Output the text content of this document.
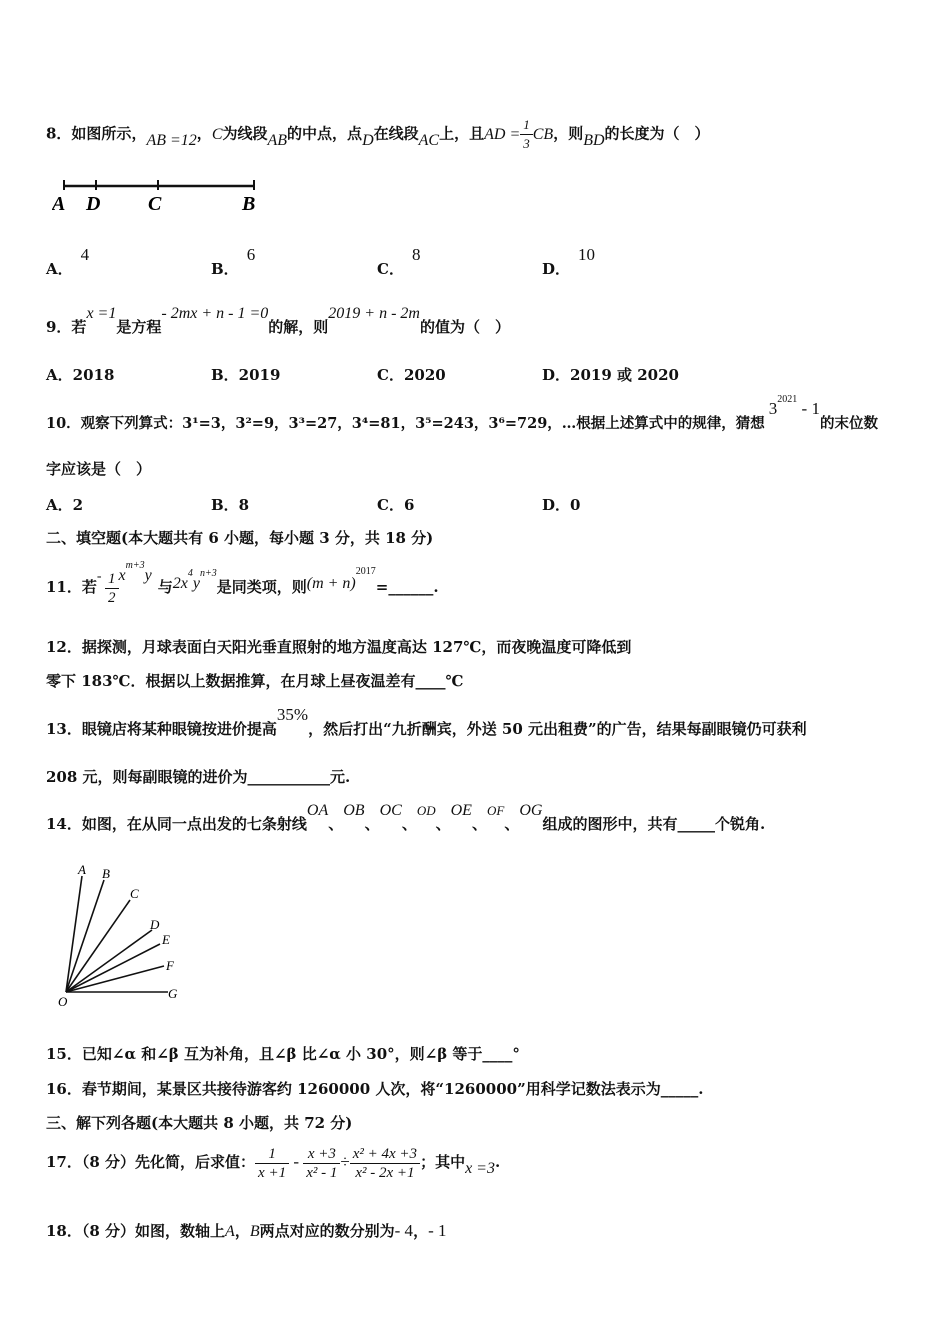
8．如图所示，AB =12，C为线段AB的中点，点D在线段AC上，且AD = $\frac{1}{3}$ CB，则BD的长度为（　）
A D C	B
A．4
B．6
C．8
D．10
9．若x =1是方程- 2mx + n - 1 =0的解，则2019 + n - 2m的值为（　）
A．2018	B．2019	C．2020	D．2019 或 2020
10．观察下列算式：3¹=3，3²=9，3³=27，3⁴=81，3⁵=243，3⁶=729，…根据上述算式中的规律，猜想$3^{2021} - 1$的末位数
字应该是（　）
A．2	B．8	C．6	D．0
二、填空题(本大题共有 6 小题，每小题 3 分，共 18 分)
11．若- $\frac{1}{2} x^{m+3}y$与$2x^4y^{n+3}$是同类项，则$(m + n)^{2017}=\_\_\_\_\_\_$.
12．据探测，月球表面白天阳光垂直照射的地方温度高达 127℃，而夜晚温度可降低到
零下 183℃．根据以上数据推算，在月球上昼夜温差有____℃
13．眼镜店将某种眼镜按进价提高35%，然后打出“九折酬宾，外送 50 元出租费”的广告，结果每副眼镜仍可获利
208 元，则每副眼镜的进价为___________元.
14．如图，在从同一点出发的七条射线OA、OB、OC、OD、OE、OF、OG组成的图形中，共有_____个锐角.
A B
C
D
E
F
G
O
15．已知∠α 和∠β 互为补角，且∠β 比∠α 小 30°，则∠β 等于____°
16．春节期间，某景区共接待游客约 1260000 人次，将“1260000”用科学记数法表示为_____.
三、解下列各题(本大题共 8 小题，共 72 分)
17．（8 分）先化简，后求值： $\frac{1}{x +1} - \frac{x +3}{\text{x² - 1}} \div \frac{\text{x² + 4x +3}}{\text{x² - 2x +1}}$ ；其中x =3.
18．（8 分）如图，数轴上A，B两点对应的数分别为- 4，- 1
